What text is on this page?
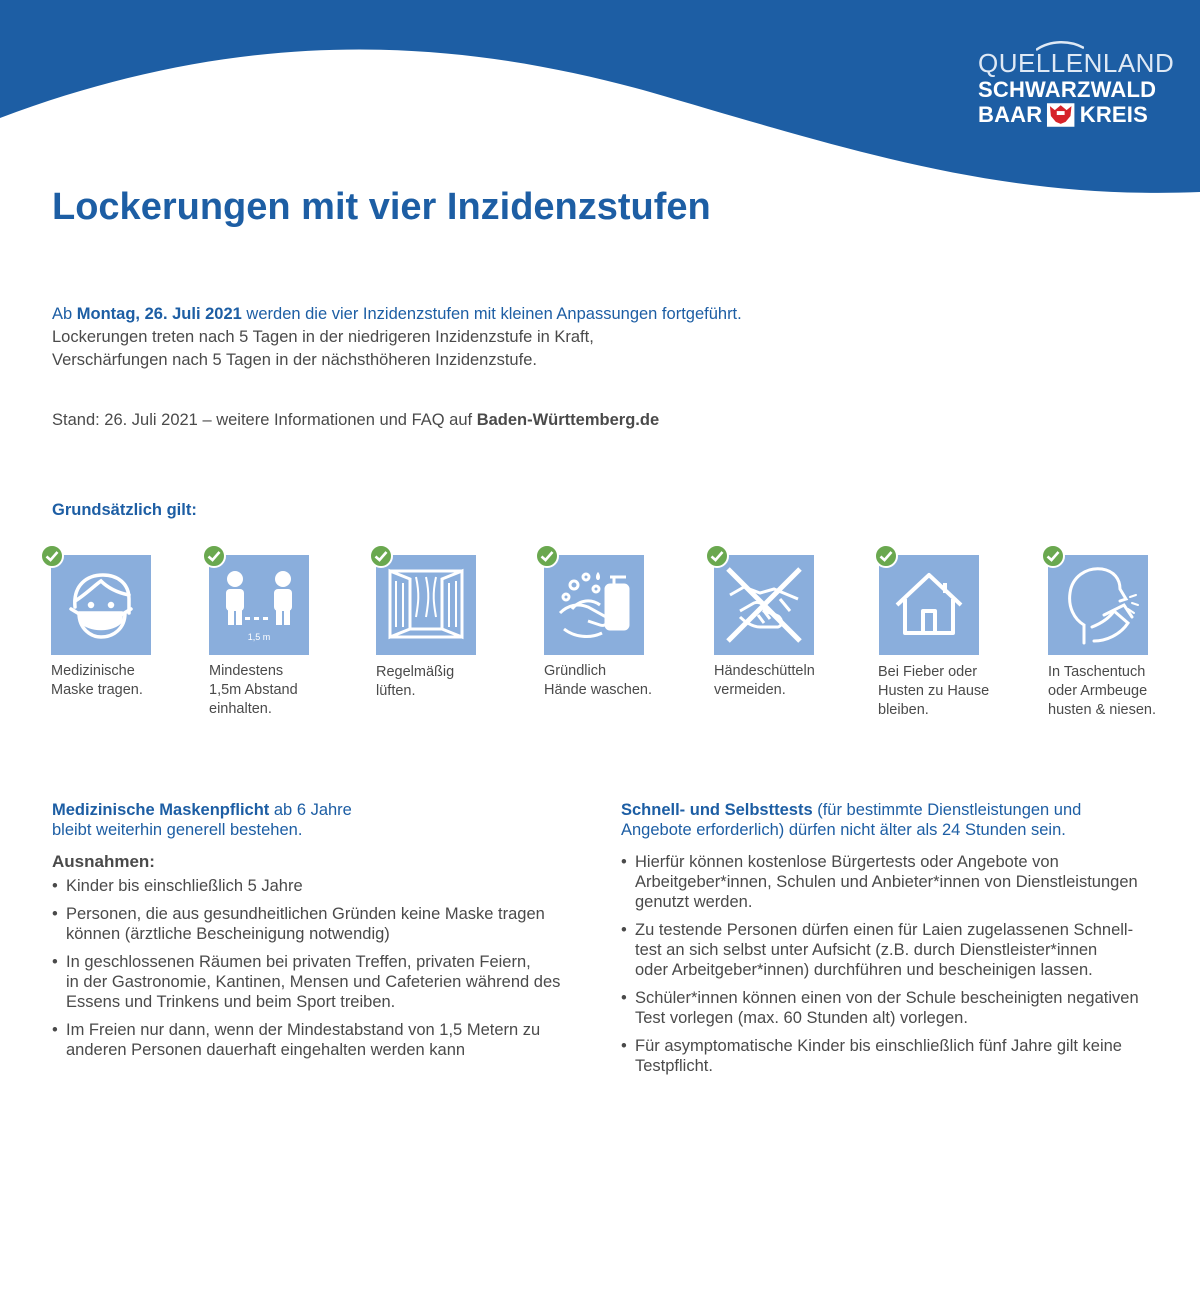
QUELLENLAND
SCHWARZWALD
BAAR KREIS
Lockerungen mit vier Inzidenzstufen
Ab Montag, 26. Juli 2021 werden die vier Inzidenzstufen mit kleinen Anpassungen fortgeführt.
Lockerungen treten nach 5 Tagen in der niedrigeren Inzidenzstufe in Kraft,
Verschärfungen nach 5 Tagen in der nächsthöheren Inzidenzstufe.
Stand: 26. Juli 2021 – weitere Informationen und FAQ auf Baden-Württemberg.de
Grundsätzlich gilt:
Medizinische
Maske tragen.
1,5 m
Mindestens
1,5m Abstand
einhalten.
Regelmäßig
lüften.
Gründlich
Hände waschen.
Händeschütteln
vermeiden.
Bei Fieber oder
Husten zu Hause
bleiben.
In Taschentuch
oder Armbeuge
husten & niesen.
Medizinische Maskenpflicht ab 6 Jahre
bleibt weiterhin generell bestehen.
Ausnahmen:
• Kinder bis einschließlich 5 Jahre
• Personen, die aus gesundheitlichen Gründen keine Maske tragen
können (ärztliche Bescheinigung notwendig)
• In geschlossenen Räumen bei privaten Treffen, privaten Feiern,
in der Gastronomie, Kantinen, Mensen und Cafeterien während des
Essens und Trinkens und beim Sport treiben.
• Im Freien nur dann, wenn der Mindestabstand von 1,5 Metern zu
anderen Personen dauerhaft eingehalten werden kann
Schnell- und Selbsttests (für bestimmte Dienstleistungen und
Angebote erforderlich) dürfen nicht älter als 24 Stunden sein.
• Hierfür können kostenlose Bürgertests oder Angebote von
Arbeitgeber*innen, Schulen und Anbieter*innen von Dienstleistungen
genutzt werden.
• Zu testende Personen dürfen einen für Laien zugelassenen Schnell-
test an sich selbst unter Aufsicht (z.B. durch Dienstleister*innen
oder Arbeitgeber*innen) durchführen und bescheinigen lassen.
• Schüler*innen können einen von der Schule bescheinigten negativen
Test vorlegen (max. 60 Stunden alt) vorlegen.
• Für asymptomatische Kinder bis einschließlich fünf Jahre gilt keine
Testpflicht.
